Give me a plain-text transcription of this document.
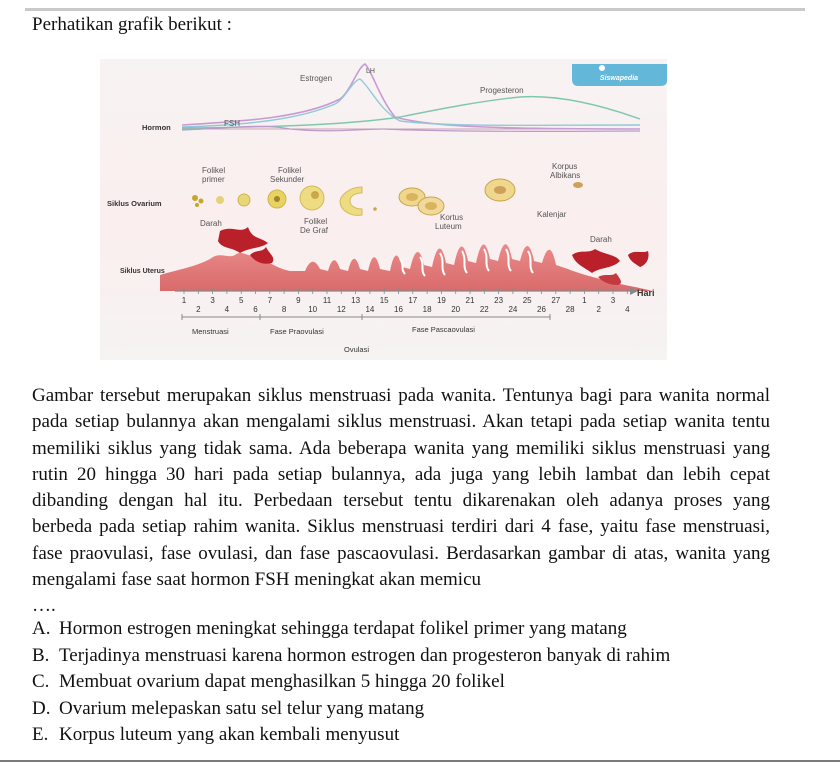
Perhatikan grafik berikut :
Siswapedia
Estrogen
LH
Progesteron
FSH
Hormon
Siklus Ovarium
Siklus Uterus
Folikel
primer
Folikel
Sekunder
Korpus
Albikans
Darah	Folikel
De Graf
Kortus
Luteum
Kalenjar
Darah
Hari
1	3	5	7	9	11 13 15 17 19 21 23 25 27	1	3
2	4	6	8	10 12 14 16 18 20 22 24 26 28	2	4
Menstruasi	Fase Praovulasi	Fase Pascaovulasi
Ovulasi
Gambar tersebut merupakan siklus menstruasi pada wanita. Tentunya bagi para wanita normal pada setiap bulannya akan mengalami siklus menstruasi. Akan tetapi pada setiap wanita tentu memiliki siklus yang tidak sama. Ada beberapa wanita yang memiliki siklus menstruasi yang rutin 20 hingga 30 hari pada setiap bulannya, ada juga yang lebih lambat dan lebih cepat dibanding dengan hal itu. Perbedaan tersebut tentu dikarenakan oleh adanya proses yang berbeda pada setiap rahim wanita. Siklus menstruasi terdiri dari 4 fase, yaitu fase menstruasi, fase praovulasi, fase ovulasi, dan fase pascaovulasi. Berdasarkan gambar di atas, wanita yang mengalami fase saat hormon FSH meningkat akan memicu
….
A. Hormon estrogen meningkat sehingga terdapat folikel primer yang matang
B. Terjadinya menstruasi karena hormon estrogen dan progesteron banyak di rahim
C. Membuat ovarium dapat menghasilkan 5 hingga 20 folikel
D. Ovarium melepaskan satu sel telur yang matang
E. Korpus luteum yang akan kembali menyusut
